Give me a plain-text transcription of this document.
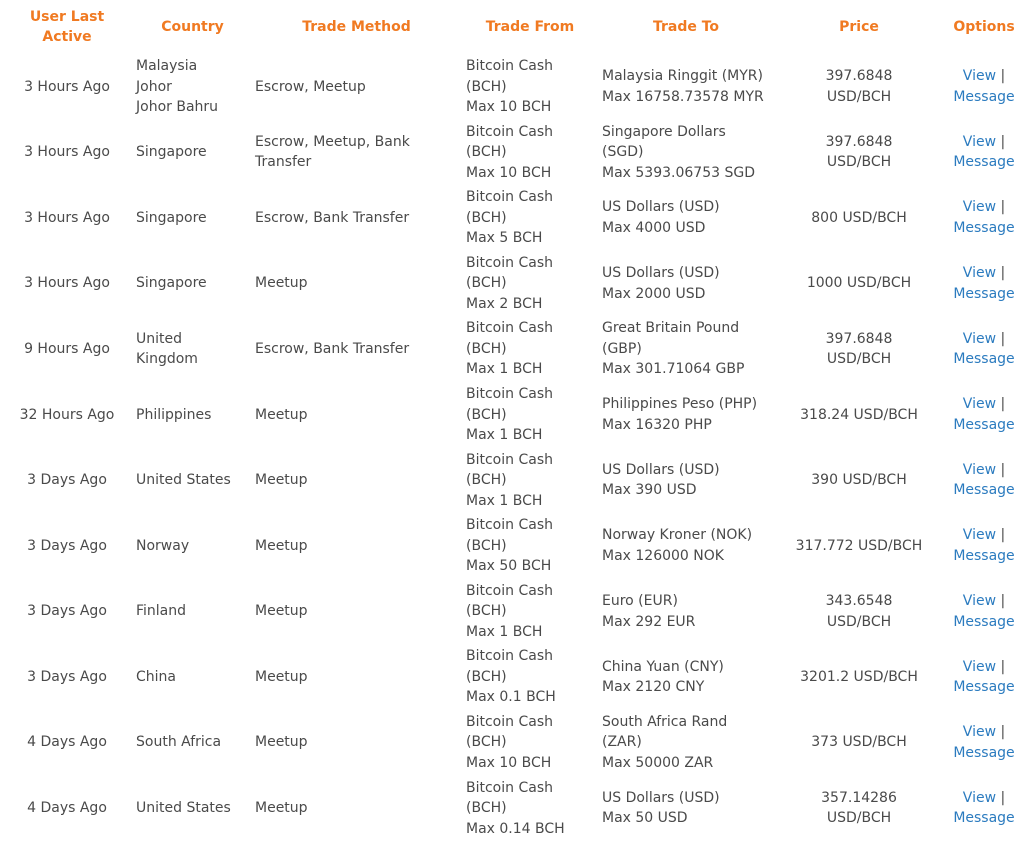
User Last Active	Country	Trade Method	Trade From	Trade To	Price	Options

3 Hours Ago	Malaysia
Johor
Johor Bahru	Escrow, Meetup	Bitcoin Cash
(BCH)
Max 10 BCH	Malaysia Ringgit (MYR)
Max 16758.73578 MYR	397.6848
USD/BCH	View |
Message

3 Hours Ago	Singapore	Escrow, Meetup, Bank Transfer	Bitcoin Cash
(BCH)
Max 10 BCH	Singapore Dollars
(SGD)
Max 5393.06753 SGD	397.6848
USD/BCH	View |
Message

3 Hours Ago	Singapore	Escrow, Bank Transfer	Bitcoin Cash
(BCH)
Max 5 BCH	US Dollars (USD)
Max 4000 USD	800 USD/BCH	View |
Message

3 Hours Ago	Singapore	Meetup	Bitcoin Cash
(BCH)
Max 2 BCH	US Dollars (USD)
Max 2000 USD	1000 USD/BCH	View |
Message

9 Hours Ago	United
Kingdom	Escrow, Bank Transfer	Bitcoin Cash
(BCH)
Max 1 BCH	Great Britain Pound
(GBP)
Max 301.71064 GBP	397.6848
USD/BCH	View |
Message

32 Hours Ago	Philippines	Meetup	Bitcoin Cash
(BCH)
Max 1 BCH	Philippines Peso (PHP)
Max 16320 PHP	318.24 USD/BCH	View |
Message

3 Days Ago	United States	Meetup	Bitcoin Cash
(BCH)
Max 1 BCH	US Dollars (USD)
Max 390 USD	390 USD/BCH	View |
Message

3 Days Ago	Norway	Meetup	Bitcoin Cash
(BCH)
Max 50 BCH	Norway Kroner (NOK)
Max 126000 NOK	317.772 USD/BCH	View |
Message

3 Days Ago	Finland	Meetup	Bitcoin Cash
(BCH)
Max 1 BCH	Euro (EUR)
Max 292 EUR	343.6548
USD/BCH	View |
Message

3 Days Ago	China	Meetup	Bitcoin Cash
(BCH)
Max 0.1 BCH	China Yuan (CNY)
Max 2120 CNY	3201.2 USD/BCH	View |
Message

4 Days Ago	South Africa	Meetup	Bitcoin Cash
(BCH)
Max 10 BCH	South Africa Rand
(ZAR)
Max 50000 ZAR	373 USD/BCH	View |
Message

4 Days Ago	United States	Meetup	Bitcoin Cash
(BCH)
Max 0.14 BCH	US Dollars (USD)
Max 50 USD	357.14286
USD/BCH	View |
Message
